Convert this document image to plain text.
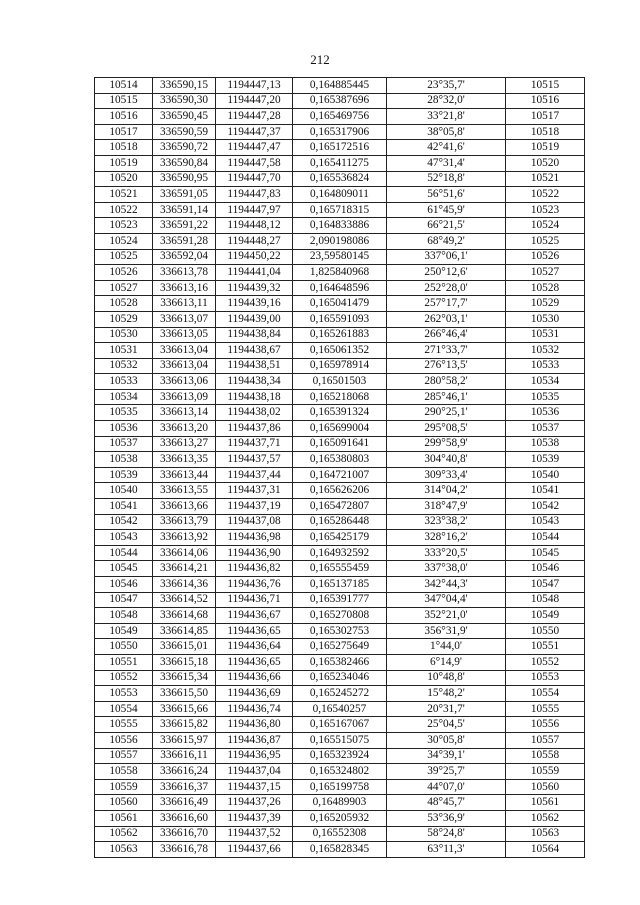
212
10514	336590,15	1194447,13	0,164885445	23°35,7'	10515
10515	336590,30	1194447,20	0,165387696	28°32,0'	10516
10516	336590,45	1194447,28	0,165469756	33°21,8'	10517
10517	336590,59	1194447,37	0,165317906	38°05,8'	10518
10518	336590,72	1194447,47	0,165172516	42°41,6'	10519
10519	336590,84	1194447,58	0,165411275	47°31,4'	10520
10520	336590,95	1194447,70	0,165536824	52°18,8'	10521
10521	336591,05	1194447,83	0,164809011	56°51,6'	10522
10522	336591,14	1194447,97	0,165718315	61°45,9'	10523
10523	336591,22	1194448,12	0,164833886	66°21,5'	10524
10524	336591,28	1194448,27	2,090198086	68°49,2'	10525
10525	336592,04	1194450,22	23,59580145	337°06,1'	10526
10526	336613,78	1194441,04	1,825840968	250°12,6'	10527
10527	336613,16	1194439,32	0,164648596	252°28,0'	10528
10528	336613,11	1194439,16	0,165041479	257°17,7'	10529
10529	336613,07	1194439,00	0,165591093	262°03,1'	10530
10530	336613,05	1194438,84	0,165261883	266°46,4'	10531
10531	336613,04	1194438,67	0,165061352	271°33,7'	10532
10532	336613,04	1194438,51	0,165978914	276°13,5'	10533
10533	336613,06	1194438,34	0,16501503	280°58,2'	10534
10534	336613,09	1194438,18	0,165218068	285°46,1'	10535
10535	336613,14	1194438,02	0,165391324	290°25,1'	10536
10536	336613,20	1194437,86	0,165699004	295°08,5'	10537
10537	336613,27	1194437,71	0,165091641	299°58,9'	10538
10538	336613,35	1194437,57	0,165380803	304°40,8'	10539
10539	336613,44	1194437,44	0,164721007	309°33,4'	10540
10540	336613,55	1194437,31	0,165626206	314°04,2'	10541
10541	336613,66	1194437,19	0,165472807	318°47,9'	10542
10542	336613,79	1194437,08	0,165286448	323°38,2'	10543
10543	336613,92	1194436,98	0,165425179	328°16,2'	10544
10544	336614,06	1194436,90	0,164932592	333°20,5'	10545
10545	336614,21	1194436,82	0,165555459	337°38,0'	10546
10546	336614,36	1194436,76	0,165137185	342°44,3'	10547
10547	336614,52	1194436,71	0,165391777	347°04,4'	10548
10548	336614,68	1194436,67	0,165270808	352°21,0'	10549
10549	336614,85	1194436,65	0,165302753	356°31,9'	10550
10550	336615,01	1194436,64	0,165275649	1°44,0'	10551
10551	336615,18	1194436,65	0,165382466	6°14,9'	10552
10552	336615,34	1194436,66	0,165234046	10°48,8'	10553
10553	336615,50	1194436,69	0,165245272	15°48,2'	10554
10554	336615,66	1194436,74	0,16540257	20°31,7'	10555
10555	336615,82	1194436,80	0,165167067	25°04,5'	10556
10556	336615,97	1194436,87	0,165515075	30°05,8'	10557
10557	336616,11	1194436,95	0,165323924	34°39,1'	10558
10558	336616,24	1194437,04	0,165324802	39°25,7'	10559
10559	336616,37	1194437,15	0,165199758	44°07,0'	10560
10560	336616,49	1194437,26	0,16489903	48°45,7'	10561
10561	336616,60	1194437,39	0,165205932	53°36,9'	10562
10562	336616,70	1194437,52	0,16552308	58°24,8'	10563
10563	336616,78	1194437,66	0,165828345	63°11,3'	10564
